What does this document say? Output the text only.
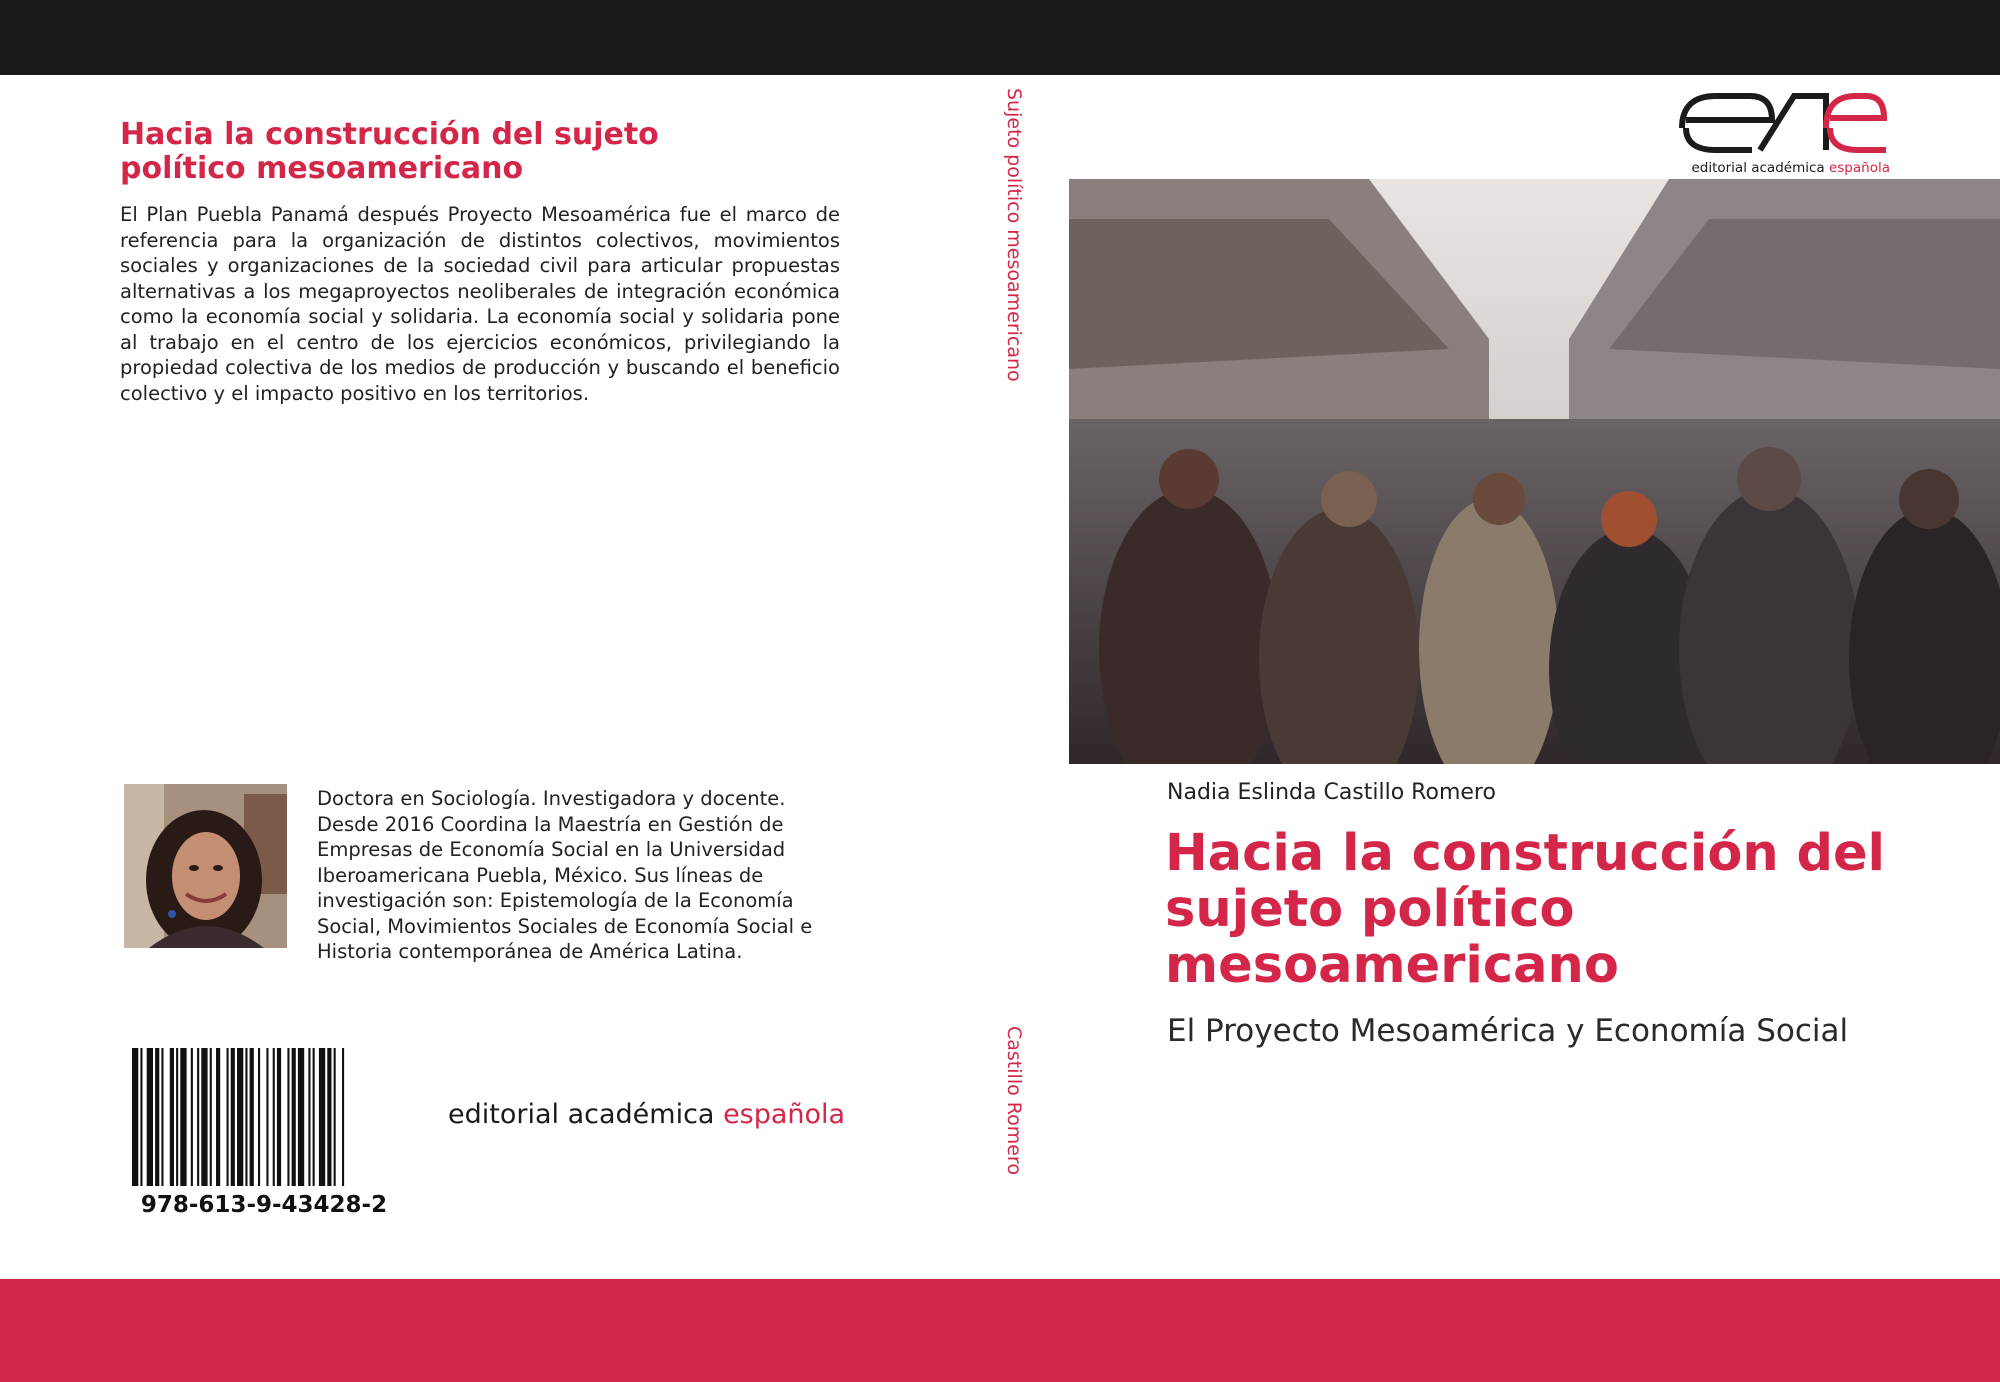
Hacia la construcción del sujeto político mesoamericano

El Plan Puebla Panamá después Proyecto Mesoamérica fue el marco de referencia para la organización de distintos colectivos, movimientos sociales y organizaciones de la sociedad civil para articular propuestas alternativas a los megaproyectos neoliberales de integración económica como la economía social y solidaria. La economía social y solidaria pone al trabajo en el centro de los ejercicios económicos, privilegiando la propiedad colectiva de los medios de producción y buscando el beneficio colectivo y el impacto positivo en los territorios.

Doctora en Sociología. Investigadora y docente. Desde 2016 Coordina la Maestría en Gestión de Empresas de Economía Social en la Universidad Iberoamericana Puebla, México. Sus líneas de investigación son: Epistemología de la Economía Social, Movimientos Sociales de Economía Social e Historia contemporánea de América Latina.

978-613-9-43428-2
editorial académica española
Sujeto político mesoamericano
Castillo Romero
editorial académica española
Nadia Eslinda Castillo Romero
Hacia la construcción del sujeto político mesoamericano

El Proyecto Mesoamérica y Economía Social
